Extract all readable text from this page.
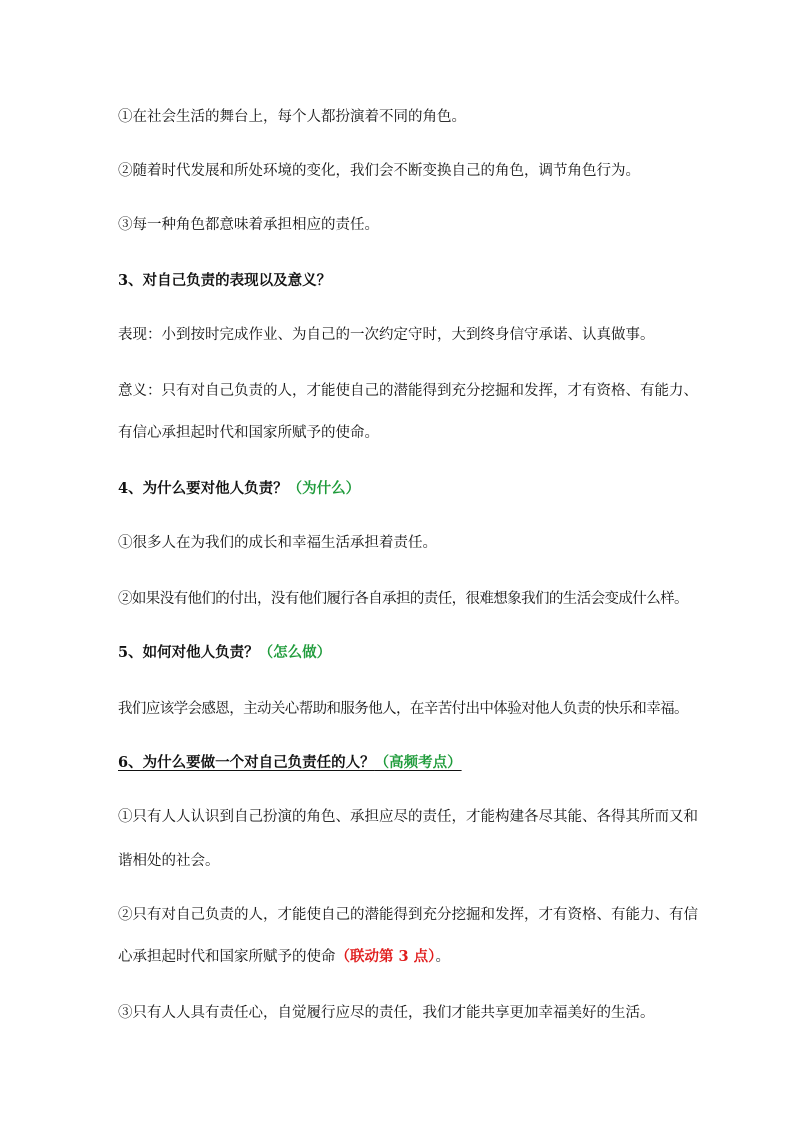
①在社会生活的舞台上，每个人都扮演着不同的角色。
②随着时代发展和所处环境的变化，我们会不断变换自己的角色，调节角色行为。
③每一种角色都意味着承担相应的责任。
3、对自己负责的表现以及意义？
表现：小到按时完成作业、为自己的一次约定守时，大到终身信守承诺、认真做事。
意义：只有对自己负责的人，才能使自己的潜能得到充分挖掘和发挥，才有资格、有能力、
有信心承担起时代和国家所赋予的使命。
4、为什么要对他人负责？（为什么）
①很多人在为我们的成长和幸福生活承担着责任。
②如果没有他们的付出，没有他们履行各自承担的责任，很难想象我们的生活会变成什么样。
5、如何对他人负责？（怎么做）
我们应该学会感恩，主动关心帮助和服务他人，在辛苦付出中体验对他人负责的快乐和幸福。
6、为什么要做一个对自己负责任的人？（高频考点）
①只有人人认识到自己扮演的角色、承担应尽的责任，才能构建各尽其能、各得其所而又和
谐相处的社会。
②只有对自己负责的人，才能使自己的潜能得到充分挖掘和发挥，才有资格、有能力、有信
心承担起时代和国家所赋予的使命（联动第 3 点）。
③只有人人具有责任心，自觉履行应尽的责任，我们才能共享更加幸福美好的生活。
